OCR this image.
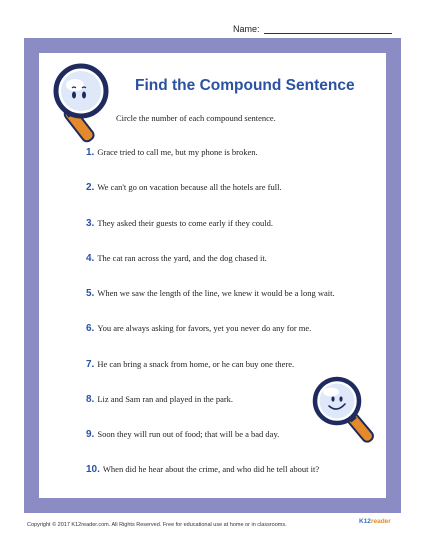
Name:
Find the Compound Sentence
Circle the number of each compound sentence.
1. Grace tried to call me, but my phone is broken.
2. We can't go on vacation because all the hotels are full.
3. They asked their guests to come early if they could.
4. The cat ran across the yard, and the dog chased it.
5. When we saw the length of the line, we knew it would be a long wait.
6. You are always asking for favors, yet you never do any for me.
7. He can bring a snack from home, or he can buy one there.
8. Liz and Sam ran and played in the park.
9. Soon they will run out of food; that will be a bad day.
10. When did he hear about the crime, and who did he tell about it?
Copyright © 2017 K12reader.com. All Rights Reserved. Free for educational use at home or in classrooms.	K12reader
